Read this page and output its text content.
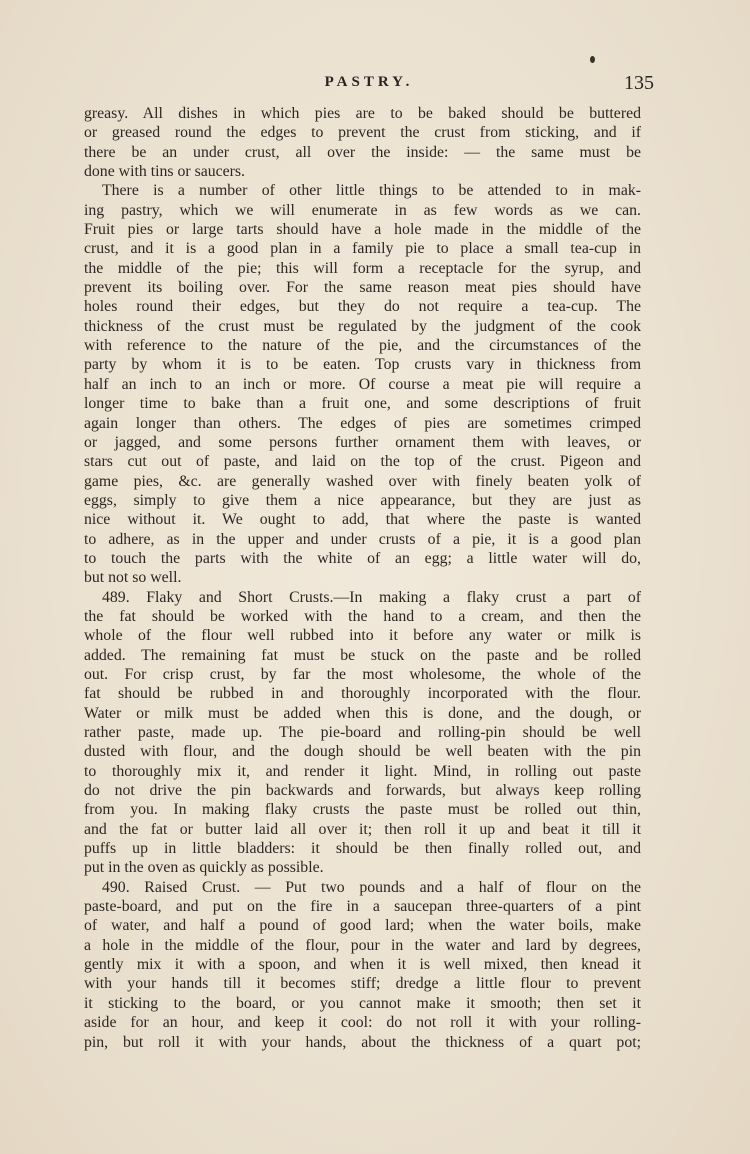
PASTRY.	135
greasy. All dishes in which pies are to be baked should be buttered
or greased round the edges to prevent the crust from sticking, and if
there be an under crust, all over the inside: — the same must be
done with tins or saucers.
There is a number of other little things to be attended to in mak-
ing pastry, which we will enumerate in as few words as we can.
Fruit pies or large tarts should have a hole made in the middle of the
crust, and it is a good plan in a family pie to place a small tea-cup in
the middle of the pie; this will form a receptacle for the syrup, and
prevent its boiling over. For the same reason meat pies should have
holes round their edges, but they do not require a tea-cup. The
thickness of the crust must be regulated by the judgment of the cook
with reference to the nature of the pie, and the circumstances of the
party by whom it is to be eaten. Top crusts vary in thickness from
half an inch to an inch or more. Of course a meat pie will require a
longer time to bake than a fruit one, and some descriptions of fruit
again longer than others. The edges of pies are sometimes crimped
or jagged, and some persons further ornament them with leaves, or
stars cut out of paste, and laid on the top of the crust. Pigeon and
game pies, &c. are generally washed over with finely beaten yolk of
eggs, simply to give them a nice appearance, but they are just as
nice without it. We ought to add, that where the paste is wanted
to adhere, as in the upper and under crusts of a pie, it is a good plan
to touch the parts with the white of an egg; a little water will do,
but not so well.
489. Flaky and Short Crusts.—In making a flaky crust a part of
the fat should be worked with the hand to a cream, and then the
whole of the flour well rubbed into it before any water or milk is
added. The remaining fat must be stuck on the paste and be rolled
out. For crisp crust, by far the most wholesome, the whole of the
fat should be rubbed in and thoroughly incorporated with the flour.
Water or milk must be added when this is done, and the dough, or
rather paste, made up. The pie-board and rolling-pin should be well
dusted with flour, and the dough should be well beaten with the pin
to thoroughly mix it, and render it light. Mind, in rolling out paste
do not drive the pin backwards and forwards, but always keep rolling
from you. In making flaky crusts the paste must be rolled out thin,
and the fat or butter laid all over it; then roll it up and beat it till it
puffs up in little bladders: it should be then finally rolled out, and
put in the oven as quickly as possible.
490. Raised Crust. — Put two pounds and a half of flour on the
paste-board, and put on the fire in a saucepan three-quarters of a pint
of water, and half a pound of good lard; when the water boils, make
a hole in the middle of the flour, pour in the water and lard by degrees,
gently mix it with a spoon, and when it is well mixed, then knead it
with your hands till it becomes stiff; dredge a little flour to prevent
it sticking to the board, or you cannot make it smooth; then set it
aside for an hour, and keep it cool: do not roll it with your rolling-
pin, but roll it with your hands, about the thickness of a quart pot;
